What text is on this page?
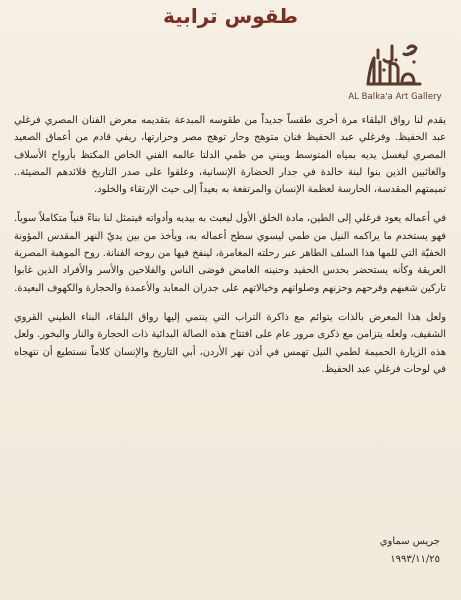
طقوس ترابية
AL Balka'a Art Gallery

يقدم لنا رواق البلقاء مرة أخرى طقساً جديداً من طقوسه المبدعة بتقديمه معرض الفنان المصري فرغلي عبد الحفيظ. وفرغلي عبد الحفيظ فنان متوهج وحار توهج مصر وحرارتها، ريفي قادم من أعماق الصعيد المصري ليغسل يديه بمياه المتوسط ويبني من طمي الدلتا عالمه الفني الخاص المكتظ بأرواح الأسلاف والغائبين الذين بنوا لبنة خالدة في جدار الحضارة الإنسانية، وعلقوا على صدر التاريخ قلائدهم المضيئة.. تميمتهم المقدسة، الحارسة لعظمة الإنسان والمرتفعة به بعيداً إلى حيث الإرتقاء والخلود.

في أعماله يعود فرغلي إلى الطين، مادة الخلق الأول ليعبث به بيديه وأدواته فيتمثل لنا بناءً فنياً متكاملاً سوياً. فهو يستخدم ما يراكمه النيل من طمي ليسوي سطح أعماله به، ويأخذ من بين يديّ النهر المقدس المؤونة الخفيّة التي للمها هذا السلف الطاهر عبر رحلته المغامرة، لينفخ فيها من روحه الفنانة. روح الموهبة المصرية العريقة وكأنه يستحضر بحدس الحفيد وحنينه الغامض فوضى الناس والفلاحين والأسر والأفراد الذين غابوا تاركين شغبهم وفرحهم وحزنهم وصلواتهم وخيالاتهم على جدران المعابد والأعمدة والحجارة والكهوف البعيدة.

ولعل هذا المعرض بالذات يتوائم مع ذاكرة التراب التي ينتمي إليها رواق البلقاء، البناء الطيني القروي الشفيف، ولعله يتزامن مع ذكرى مرور عام على افتتاح هذه الصالة البدائية ذات الحجارة والنار والبخور. ولعل هذه الزيارة الحميمة لطمي النيل تهمس في أذن نهر الأردن، أبي التاريخ والإنسان كلاماً نستطيع أن نتهجاه في لوحات فرغلي عبد الحفيظ.

جريس سماوي
١٩٩٣/١١/٢٥
